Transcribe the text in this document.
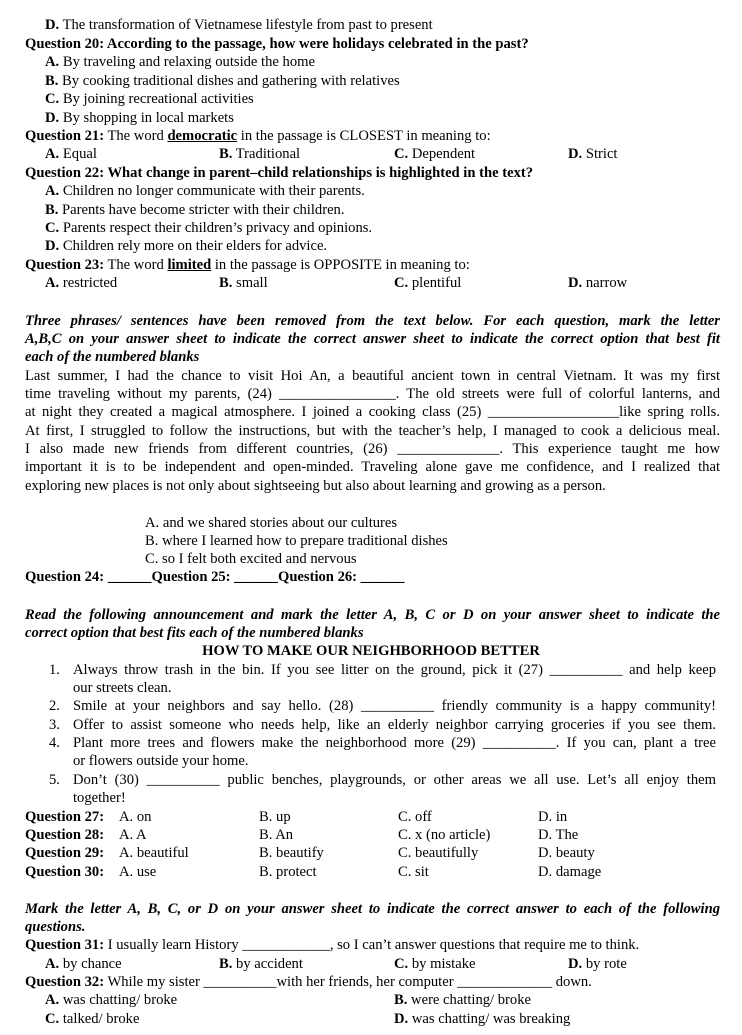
D. The transformation of Vietnamese lifestyle from past to present
Question 20: According to the passage, how were holidays celebrated in the past?
A. By traveling and relaxing outside the home
B. By cooking traditional dishes and gathering with relatives
C. By joining recreational activities
D. By shopping in local markets
Question 21: The word democratic in the passage is CLOSEST in meaning to:
A. Equal	B. Traditional	C. Dependent	D. Strict
Question 22: What change in parent–child relationships is highlighted in the text?
A. Children no longer communicate with their parents.
B. Parents have become stricter with their children.
C. Parents respect their children’s privacy and opinions.
D. Children rely more on their elders for advice.
Question 23: The word limited in the passage is OPPOSITE in meaning to:
A. restricted	B. small	C. plentiful	D. narrow
Three phrases/ sentences have been removed from the text below. For each question, mark the letter
A,B,C on your answer sheet to indicate the correct answer sheet to indicate the correct option that best fit
each of the numbered blanks
Last summer, I had the chance to visit Hoi An, a beautiful ancient town in central Vietnam. It was my first
time traveling without my parents, (24) ________________. The old streets were full of colorful lanterns, and
at night they created a magical atmosphere. I joined a cooking class (25) __________________like spring rolls.
At first, I struggled to follow the instructions, but with the teacher’s help, I managed to cook a delicious meal.
I also made new friends from different countries, (26) ______________. This experience taught me how
important it is to be independent and open-minded. Traveling alone gave me confidence, and I realized that
exploring new places is not only about sightseeing but also about learning and growing as a person.
A. and we shared stories about our cultures
B. where I learned how to prepare traditional dishes
C. so I felt both excited and nervous
Question 24: ______Question 25: ______Question 26: ______
Read the following announcement and mark the letter A, B, C or D on your answer sheet to indicate the
correct option that best fits each of the numbered blanks
HOW TO MAKE OUR NEIGHBORHOOD BETTER
1. Always throw trash in the bin. If you see litter on the ground, pick it (27) __________ and help keep
our streets clean.
2. Smile at your neighbors and say hello. (28) __________ friendly community is a happy community!
3. Offer to assist someone who needs help, like an elderly neighbor carrying groceries if you see them.
4. Plant more trees and flowers make the neighborhood more (29) __________. If you can, plant a tree
or flowers outside your home.
5. Don’t (30) __________ public benches, playgrounds, or other areas we all use. Let’s all enjoy them
together!
Question 27: A. on	B. up	C. off	D. in
Question 28: A. A	B. An	C. x (no article)	D. The
Question 29: A. beautiful	B. beautify	C. beautifully	D. beauty
Question 30: A. use	B. protect	C. sit	D. damage
Mark the letter A, B, C, or D on your answer sheet to indicate the correct answer to each of the following
questions.
Question 31: I usually learn History ____________, so I can’t answer questions that require me to think.
A. by chance	B. by accident	C. by mistake	D. by rote
Question 32: While my sister __________with her friends, her computer _____________ down.
A. was chatting/ broke	B. were chatting/ broke
C. talked/ broke	D. was chatting/ was breaking
